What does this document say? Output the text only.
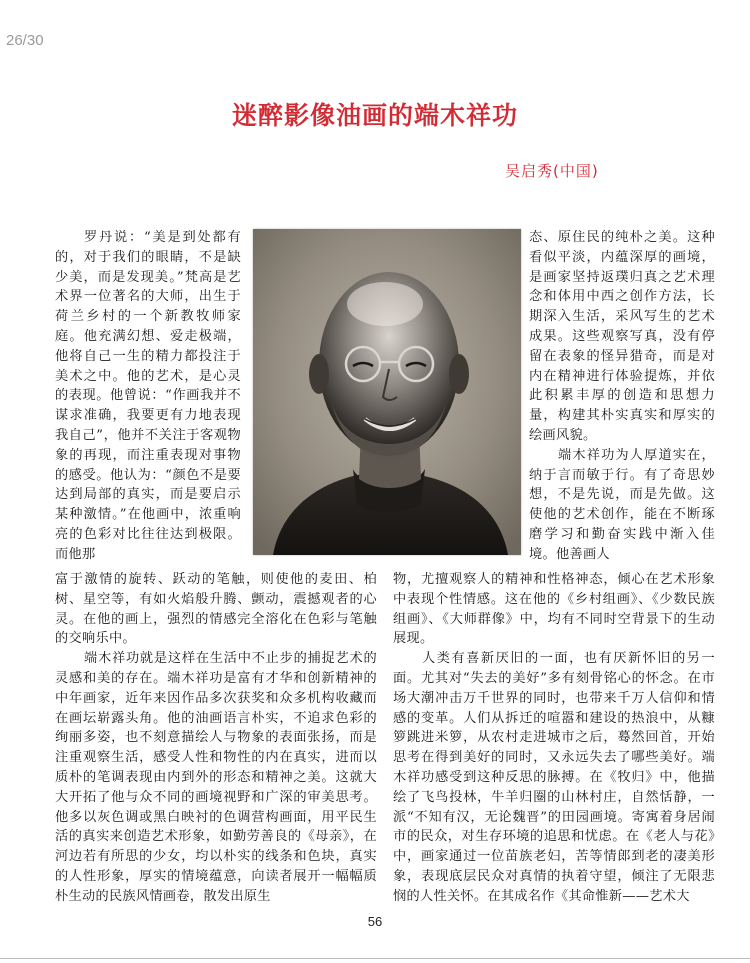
26/30
迷醉影像油画的端木祥功
吴启秀(中国)

罗丹说：“美是到处都有的，对于我们的眼睛，不是缺少美，而是发现美。”梵高是艺术界一位著名的大师，出生于荷兰乡村的一个新教牧师家庭。他充满幻想、爱走极端，他将自己一生的精力都投注于美术之中。他的艺术，是心灵的表现。他曾说：“作画我并不谋求准确，我要更有力地表现我自己”，他并不关注于客观物象的再现，而注重表现对事物的感受。他认为：“颜色不是要达到局部的真实，而是要启示某种激情。”在他画中，浓重响亮的色彩对比往往达到极限。而他那

态、原住民的纯朴之美。这种看似平淡，内蕴深厚的画境，是画家坚持返璞归真之艺术理念和体用中西之创作方法，长期深入生活，采风写生的艺术成果。这些观察写真，没有停留在表象的怪异猎奇，而是对内在精神进行体验提炼，并依此积累丰厚的创造和思想力量，构建其朴实真实和厚实的绘画风貌。

端木祥功为人厚道实在，纳于言而敏于行。有了奇思妙想，不是先说，而是先做。这使他的艺术创作，能在不断琢磨学习和勤奋实践中渐入佳境。他善画人

富于激情的旋转、跃动的笔触，则使他的麦田、柏树、星空等，有如火焰般升腾、颤动，震撼观者的心灵。在他的画上，强烈的情感完全溶化在色彩与笔触的交响乐中。

端木祥功就是这样在生活中不止步的捕捉艺术的灵感和美的存在。端木祥功是富有才华和创新精神的中年画家，近年来因作品多次获奖和众多机构收藏而在画坛崭露头角。他的油画语言朴实，不追求色彩的绚丽多姿，也不刻意描绘人与物象的表面张扬，而是注重观察生活，感受人性和物性的内在真实，进而以质朴的笔调表现由内到外的形态和精神之美。这就大大开拓了他与众不同的画境视野和广深的审美思考。他多以灰色调或黑白映衬的色调营构画面，用平民生活的真实来创造艺术形象，如勤劳善良的《母亲》，在河边若有所思的少女，均以朴实的线条和色块，真实的人性形象，厚实的情境蕴意，向读者展开一幅幅质朴生动的民族风情画卷，散发出原生

物，尤擅观察人的精神和性格神态，倾心在艺术形象中表现个性情感。这在他的《乡村组画》、《少数民族组画》、《大师群像》中，均有不同时空背景下的生动展现。

人类有喜新厌旧的一面，也有厌新怀旧的另一面。尤其对“失去的美好”多有刻骨铭心的怀念。在市场大潮冲击万千世界的同时，也带来千万人信仰和情感的变革。人们从拆迁的喧嚣和建设的热浪中，从糠箩跳进米箩，从农村走进城市之后，蓦然回首，开始思考在得到美好的同时，又永远失去了哪些美好。端木祥功感受到这种反思的脉搏。在《牧归》中，他描绘了飞鸟投林，牛羊归圈的山林村庄，自然恬静，一派“不知有汉，无论魏晋”的田园画境。寄寓着身居闹市的民众，对生存环境的追思和忧虑。在《老人与花》中，画家通过一位苗族老妇，苦等情郎到老的凄美形象，表现底层民众对真情的执着守望，倾注了无限悲悯的人性关怀。在其成名作《其命惟新——艺术大

56
